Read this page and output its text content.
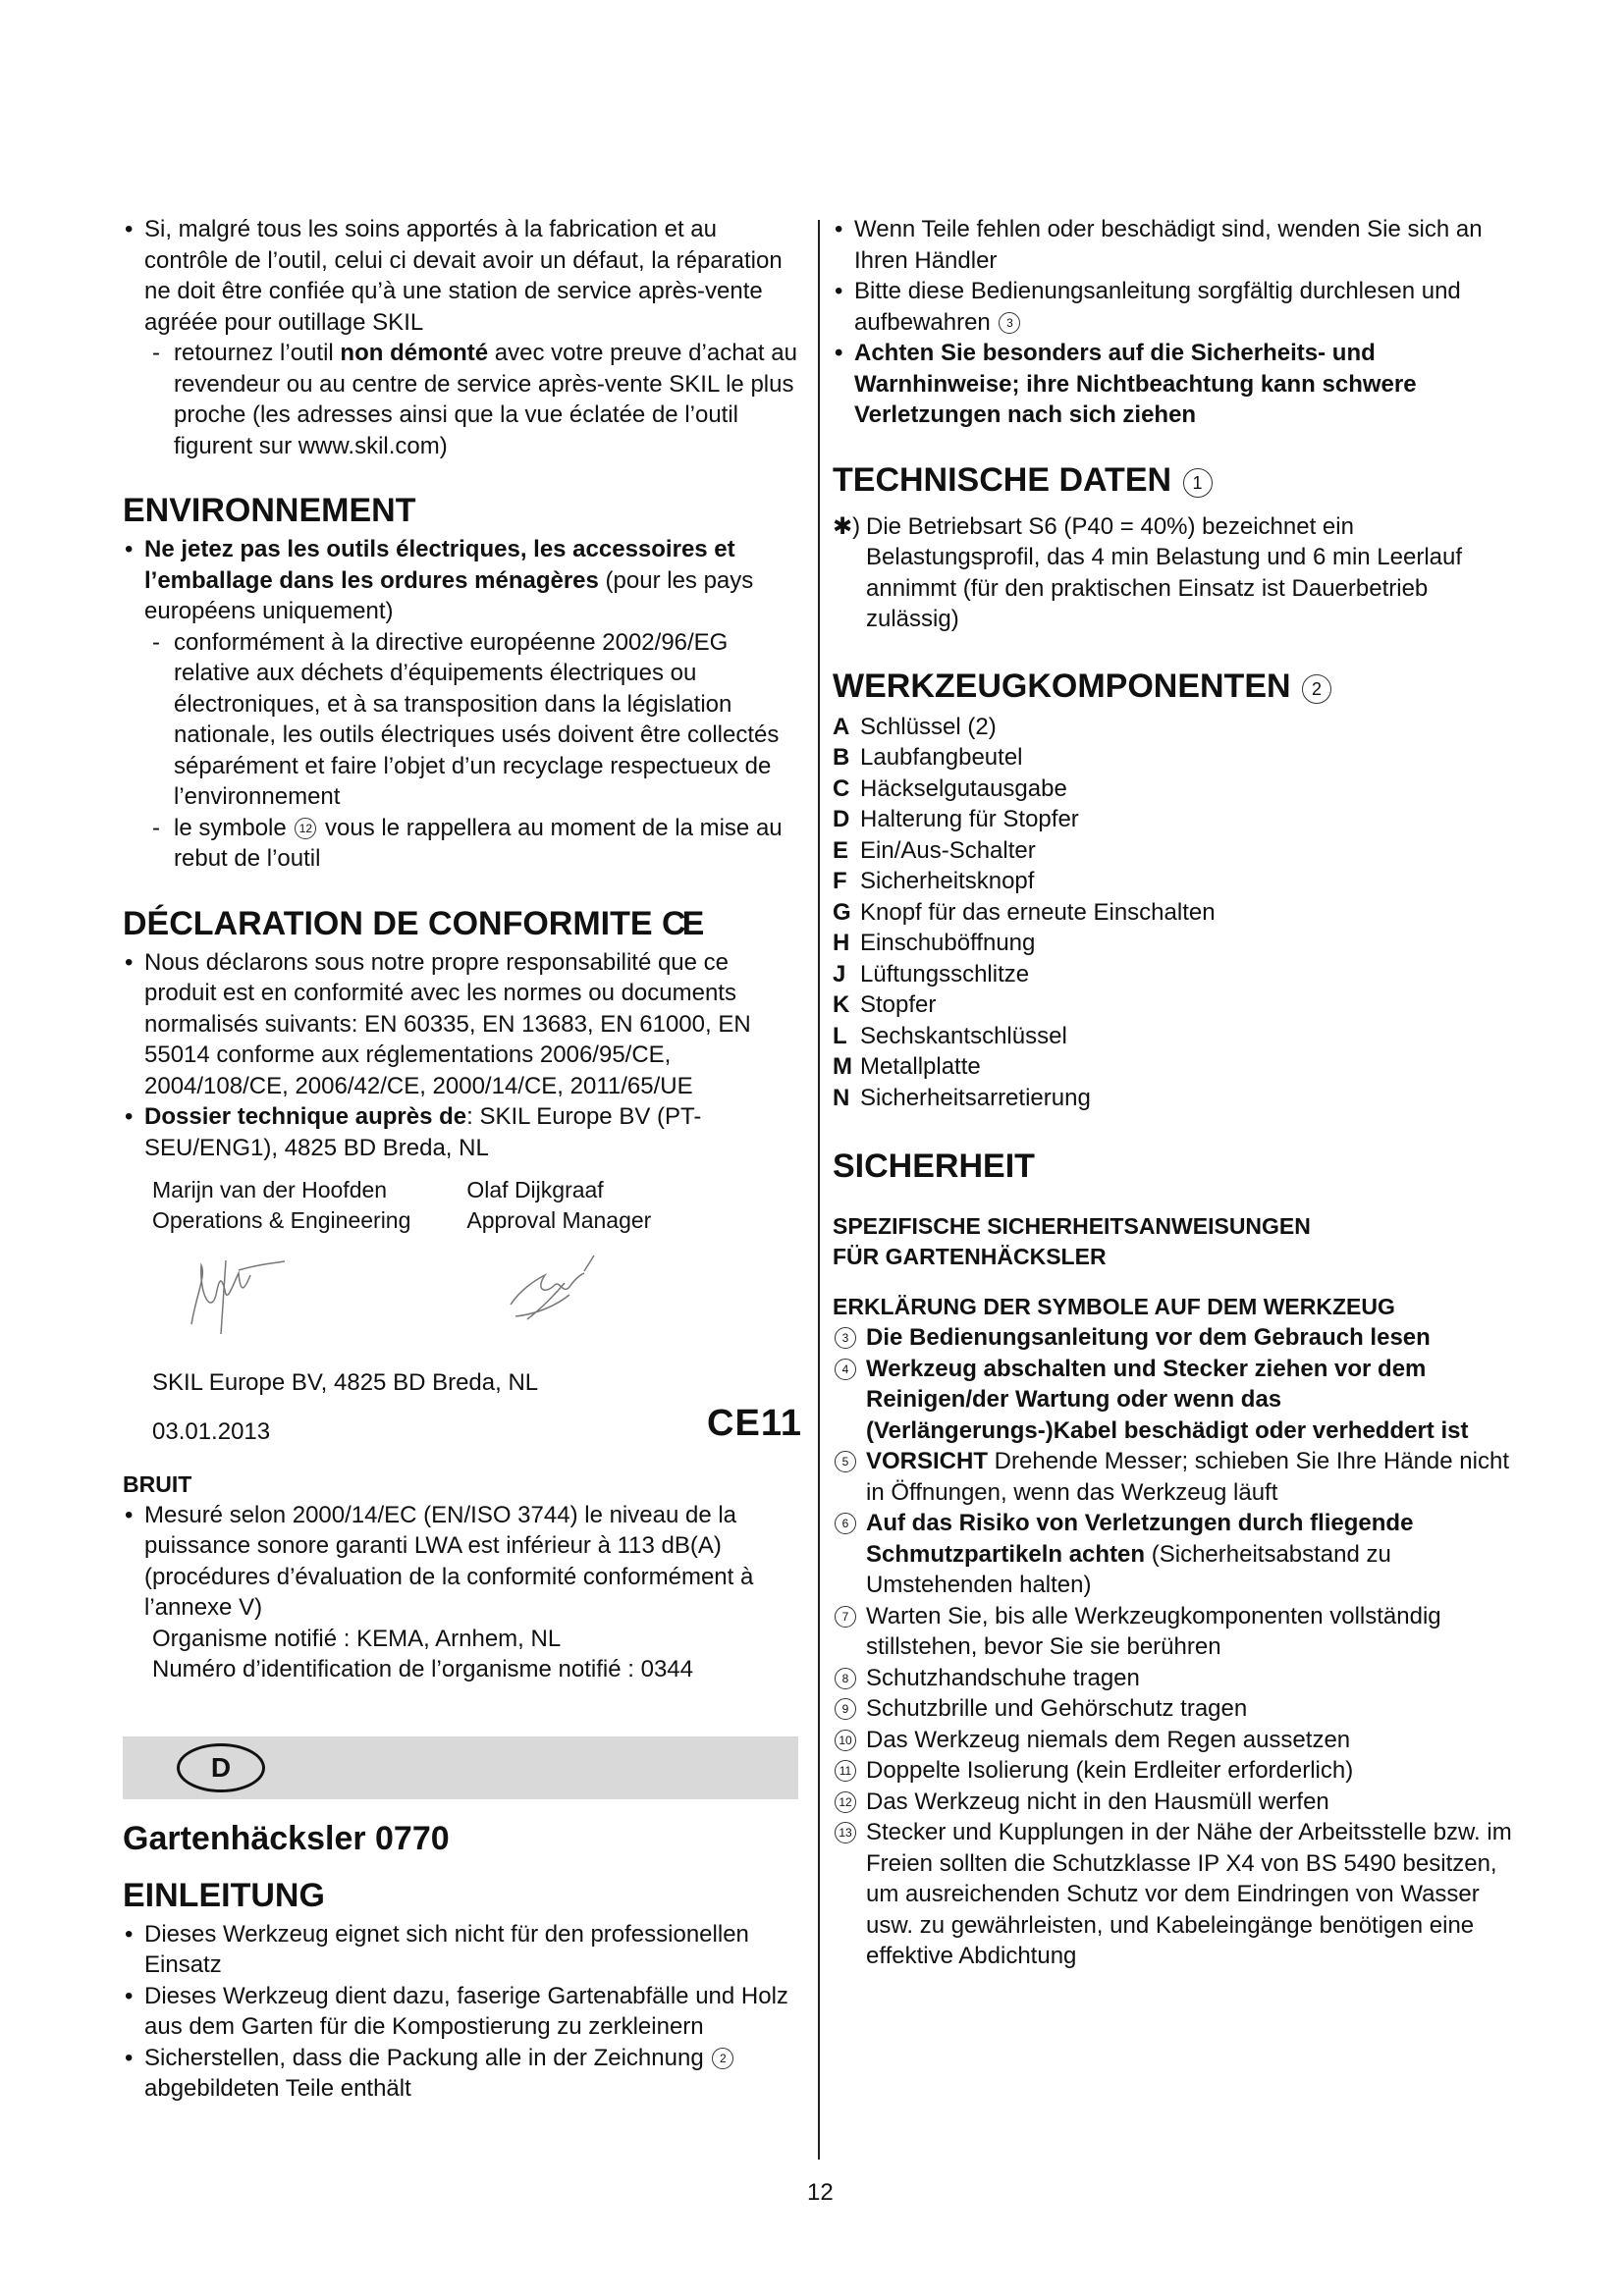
• Si, malgré tous les soins apportés à la fabrication et au contrôle de l’outil, celui ci devait avoir un défaut, la réparation ne doit être confiée qu’à une station de service après-vente agréée pour outillage SKIL
- retournez l’outil non démonté avec votre preuve d’achat au revendeur ou au centre de service après-vente SKIL le plus proche (les adresses ainsi que la vue éclatée de l’outil figurent sur www.skil.com)
ENVIRONNEMENT
• Ne jetez pas les outils électriques, les accessoires et l’emballage dans les ordures ménagères (pour les pays européens uniquement)
- conformément à la directive européenne 2002/96/EG relative aux déchets d’équipements électriques ou électroniques, et à sa transposition dans la législation nationale, les outils électriques usés doivent être collectés séparément et faire l’objet d’un recyclage respectueux de l’environnement
- le symbole 12 vous le rappellera au moment de la mise au rebut de l’outil
DÉCLARATION DE CONFORMITE CE
• Nous déclarons sous notre propre responsabilité que ce produit est en conformité avec les normes ou documents normalisés suivants: EN 60335, EN 13683, EN 61000, EN 55014 conforme aux réglementations 2006/95/CE, 2004/108/CE, 2006/42/CE, 2000/14/CE, 2011/65/UE
• Dossier technique auprès de: SKIL Europe BV (PT-SEU/ENG1), 4825 BD Breda, NL
Marijn van der Hoofden
Operations & Engineering
Olaf Dijkgraaf
Approval Manager
SKIL Europe BV, 4825 BD Breda, NL
03.01.2013	CE11
BRUIT
• Mesuré selon 2000/14/EC (EN/ISO 3744) le niveau de la puissance sonore garanti LWA est inférieur à 113 dB(A) (procédures d’évaluation de la conformité conformément à l’annexe V)
Organisme notifié : KEMA, Arnhem, NL
Numéro d’identification de l’organisme notifié : 0344
D
Gartenhäcksler 0770
EINLEITUNG
• Dieses Werkzeug eignet sich nicht für den professionellen Einsatz
• Dieses Werkzeug dient dazu, faserige Gartenabfälle und Holz aus dem Garten für die Kompostierung zu zerkleinern
• Sicherstellen, dass die Packung alle in der Zeichnung 2 abgebildeten Teile enthält
• Wenn Teile fehlen oder beschädigt sind, wenden Sie sich an Ihren Händler
• Bitte diese Bedienungsanleitung sorgfältig durchlesen und aufbewahren 3
• Achten Sie besonders auf die Sicherheits- und Warnhinweise; ihre Nichtbeachtung kann schwere Verletzungen nach sich ziehen
TECHNISCHE DATEN 1
✱) Die Betriebsart S6 (P40 = 40%) bezeichnet ein Belastungsprofil, das 4 min Belastung und 6 min Leerlauf annimmt (für den praktischen Einsatz ist Dauerbetrieb zulässig)
WERKZEUGKOMPONENTEN 2
A Schlüssel (2)
B Laubfangbeutel
C Häckselgutausgabe
D Halterung für Stopfer
E Ein/Aus-Schalter
F Sicherheitsknopf
G Knopf für das erneute Einschalten
H Einschuböffnung
J Lüftungsschlitze
K Stopfer
L Sechskantschlüssel
M Metallplatte
N Sicherheitsarretierung
SICHERHEIT
SPEZIFISCHE SICHERHEITSANWEISUNGEN
FÜR GARTENHÄCKSLER
ERKLÄRUNG DER SYMBOLE AUF DEM WERKZEUG
3 Die Bedienungsanleitung vor dem Gebrauch lesen
4 Werkzeug abschalten und Stecker ziehen vor dem Reinigen/der Wartung oder wenn das (Verlängerungs-)Kabel beschädigt oder verheddert ist
5 VORSICHT Drehende Messer; schieben Sie Ihre Hände nicht in Öffnungen, wenn das Werkzeug läuft
6 Auf das Risiko von Verletzungen durch fliegende Schmutzpartikeln achten (Sicherheitsabstand zu Umstehenden halten)
7 Warten Sie, bis alle Werkzeugkomponenten vollständig stillstehen, bevor Sie sie berühren
8 Schutzhandschuhe tragen
9 Schutzbrille und Gehörschutz tragen
10 Das Werkzeug niemals dem Regen aussetzen
11 Doppelte Isolierung (kein Erdleiter erforderlich)
12 Das Werkzeug nicht in den Hausmüll werfen
13 Stecker und Kupplungen in der Nähe der Arbeitsstelle bzw. im Freien sollten die Schutzklasse IP X4 von BS 5490 besitzen, um ausreichenden Schutz vor dem Eindringen von Wasser usw. zu gewährleisten, und Kabeleingänge benötigen eine effektive Abdichtung
12
